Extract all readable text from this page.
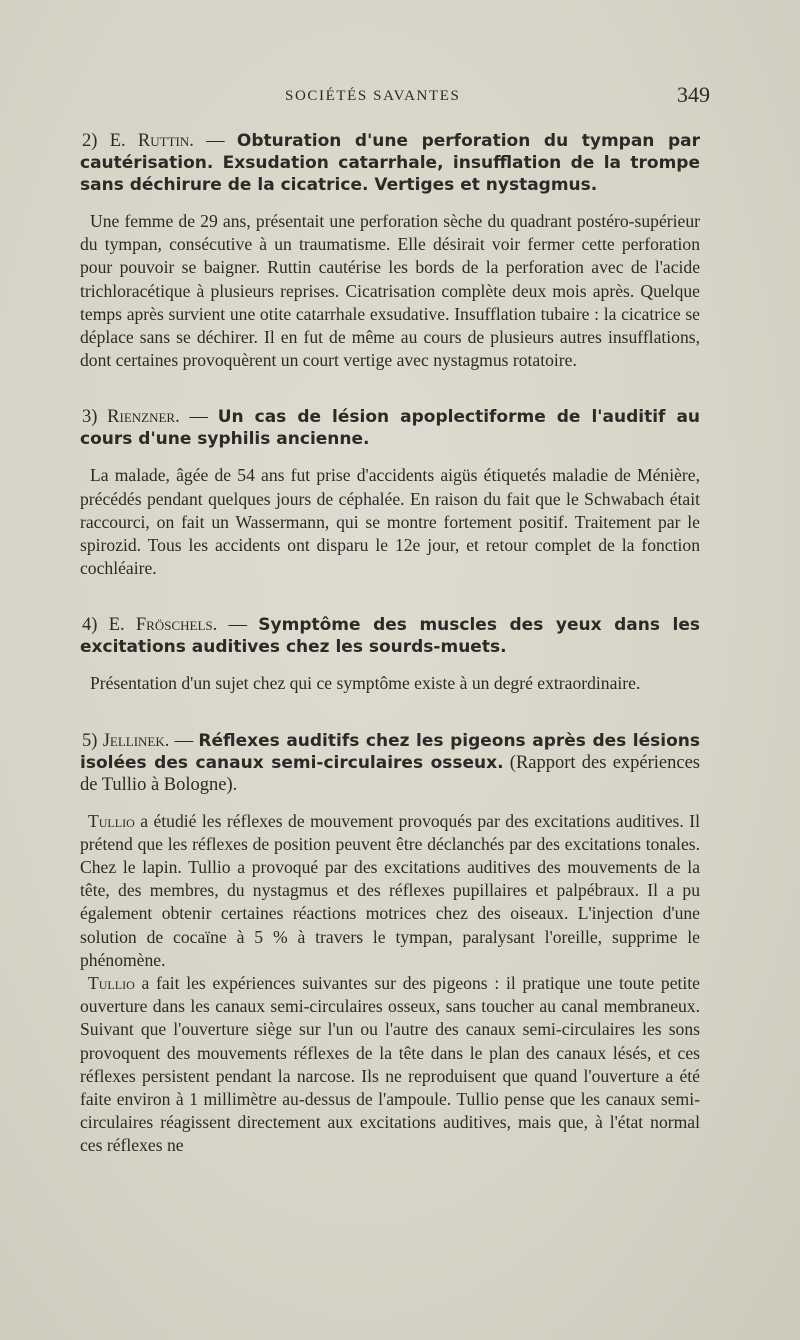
SOCIÉTÉS SAVANTES	349
2) E. Ruttin. — Obturation d'une perforation du tympan par cautérisation. Exsudation catarrhale, insufflation de la trompe sans déchirure de la cicatrice. Vertiges et nystagmus.

Une femme de 29 ans, présentait une perforation sèche du quadrant postéro-supérieur du tympan, consécutive à un traumatisme. Elle désirait voir fermer cette perforation pour pouvoir se baigner. Ruttin cautérise les bords de la perforation avec de l'acide trichloracétique à plusieurs reprises. Cicatrisation complète deux mois après. Quelque temps après survient une otite catarrhale exsudative. Insufflation tubaire : la cicatrice se déplace sans se déchirer. Il en fut de même au cours de plusieurs autres insufflations, dont certaines provoquèrent un court vertige avec nystagmus rotatoire.

3) Rienzner. — Un cas de lésion apoplectiforme de l'auditif au cours d'une syphilis ancienne.

La malade, âgée de 54 ans fut prise d'accidents aigüs étiquetés maladie de Ménière, précédés pendant quelques jours de céphalée. En raison du fait que le Schwabach était raccourci, on fait un Wassermann, qui se montre fortement positif. Traitement par le spirozid. Tous les accidents ont disparu le 12e jour, et retour complet de la fonction cochléaire.

4) E. Fröschels. — Symptôme des muscles des yeux dans les excitations auditives chez les sourds-muets.

Présentation d'un sujet chez qui ce symptôme existe à un degré extraordinaire.

5) Jellinek. — Réflexes auditifs chez les pigeons après des lésions isolées des canaux semi-circulaires osseux. (Rapport des expériences de Tullio à Bologne).

Tullio a étudié les réflexes de mouvement provoqués par des excitations auditives. Il prétend que les réflexes de position peuvent être déclanchés par des excitations tonales. Chez le lapin. Tullio a provoqué par des excitations auditives des mouvements de la tête, des membres, du nystagmus et des réflexes pupillaires et palpébraux. Il a pu également obtenir certaines réactions motrices chez des oiseaux. L'injection d'une solution de cocaïne à 5 % à travers le tympan, paralysant l'oreille, supprime le phénomène.

Tullio a fait les expériences suivantes sur des pigeons : il pratique une toute petite ouverture dans les canaux semi-circulaires osseux, sans toucher au canal membraneux. Suivant que l'ouverture siège sur l'un ou l'autre des canaux semi-circulaires les sons provoquent des mouvements réflexes de la tête dans le plan des canaux lésés, et ces réflexes persistent pendant la narcose. Ils ne reproduisent que quand l'ouverture a été faite environ à 1 millimètre au-dessus de l'ampoule. Tullio pense que les canaux semi-circulaires réagissent directement aux excitations auditives, mais que, à l'état normal ces réflexes ne
